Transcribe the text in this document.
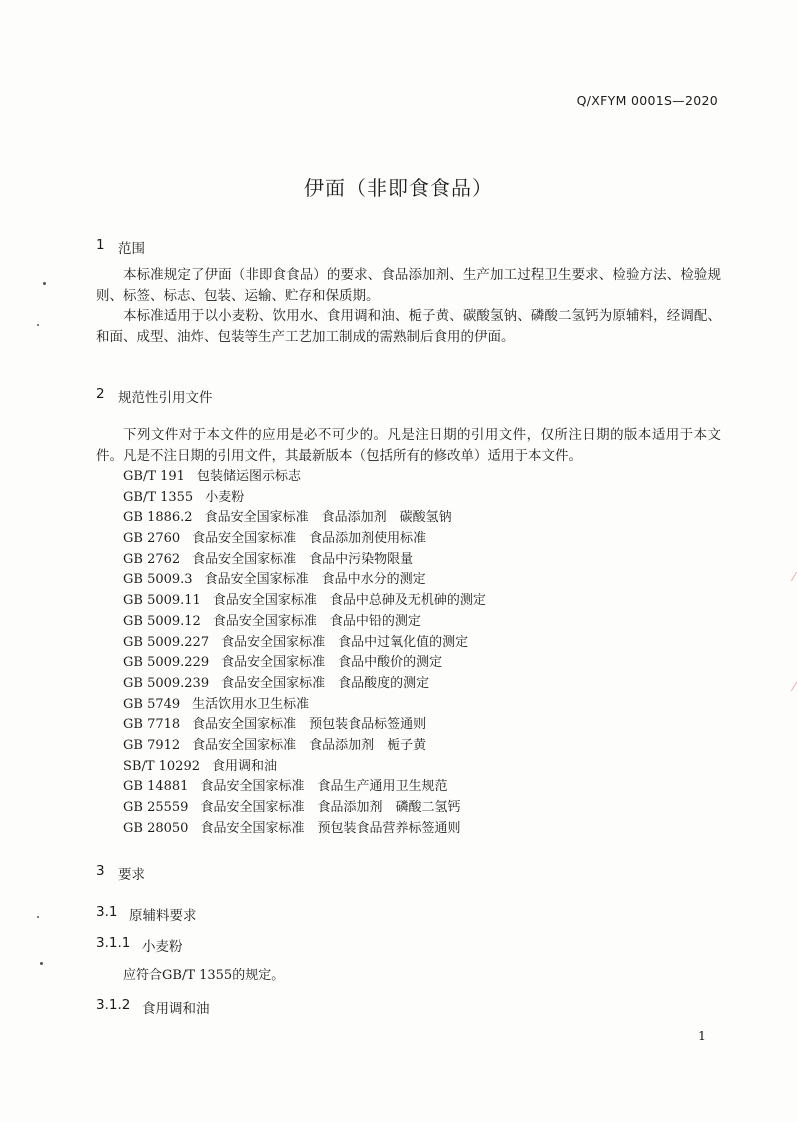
Q/XFYM 0001S—2020
伊面（非即食食品）
1 范围

本标准规定了伊面（非即食食品）的要求、食品添加剂、生产加工过程卫生要求、检验方法、检验规则、标签、标志、包装、运输、贮存和保质期。

本标准适用于以小麦粉、饮用水、食用调和油、栀子黄、碳酸氢钠、磷酸二氢钙为原辅料，经调配、和面、成型、油炸、包装等生产工艺加工制成的需熟制后食用的伊面。

2 规范性引用文件

下列文件对于本文件的应用是必不可少的。凡是注日期的引用文件，仅所注日期的版本适用于本文件。凡是不注日期的引用文件，其最新版本（包括所有的修改单）适用于本文件。

GB/T 191 包装储运图示标志
GB/T 1355 小麦粉
GB 1886.2 食品安全国家标准　食品添加剂　碳酸氢钠
GB 2760 食品安全国家标准　食品添加剂使用标准
GB 2762 食品安全国家标准　食品中污染物限量
GB 5009.3 食品安全国家标准　食品中水分的测定
GB 5009.11 食品安全国家标准　食品中总砷及无机砷的测定
GB 5009.12 食品安全国家标准　食品中铅的测定
GB 5009.227 食品安全国家标准　食品中过氧化值的测定
GB 5009.229 食品安全国家标准　食品中酸价的测定
GB 5009.239 食品安全国家标准　食品酸度的测定
GB 5749 生活饮用水卫生标准
GB 7718 食品安全国家标准　预包装食品标签通则
GB 7912 食品安全国家标准　食品添加剂　栀子黄
SB/T 10292 食用调和油
GB 14881 食品安全国家标准　食品生产通用卫生规范
GB 25559 食品安全国家标准　食品添加剂　磷酸二氢钙
GB 28050 食品安全国家标准　预包装食品营养标签通则
3 要求
3.1 原辅料要求
3.1.1 小麦粉

应符合GB/T 1355的规定。

3.1.2 食用调和油
1
⁄
⁄
